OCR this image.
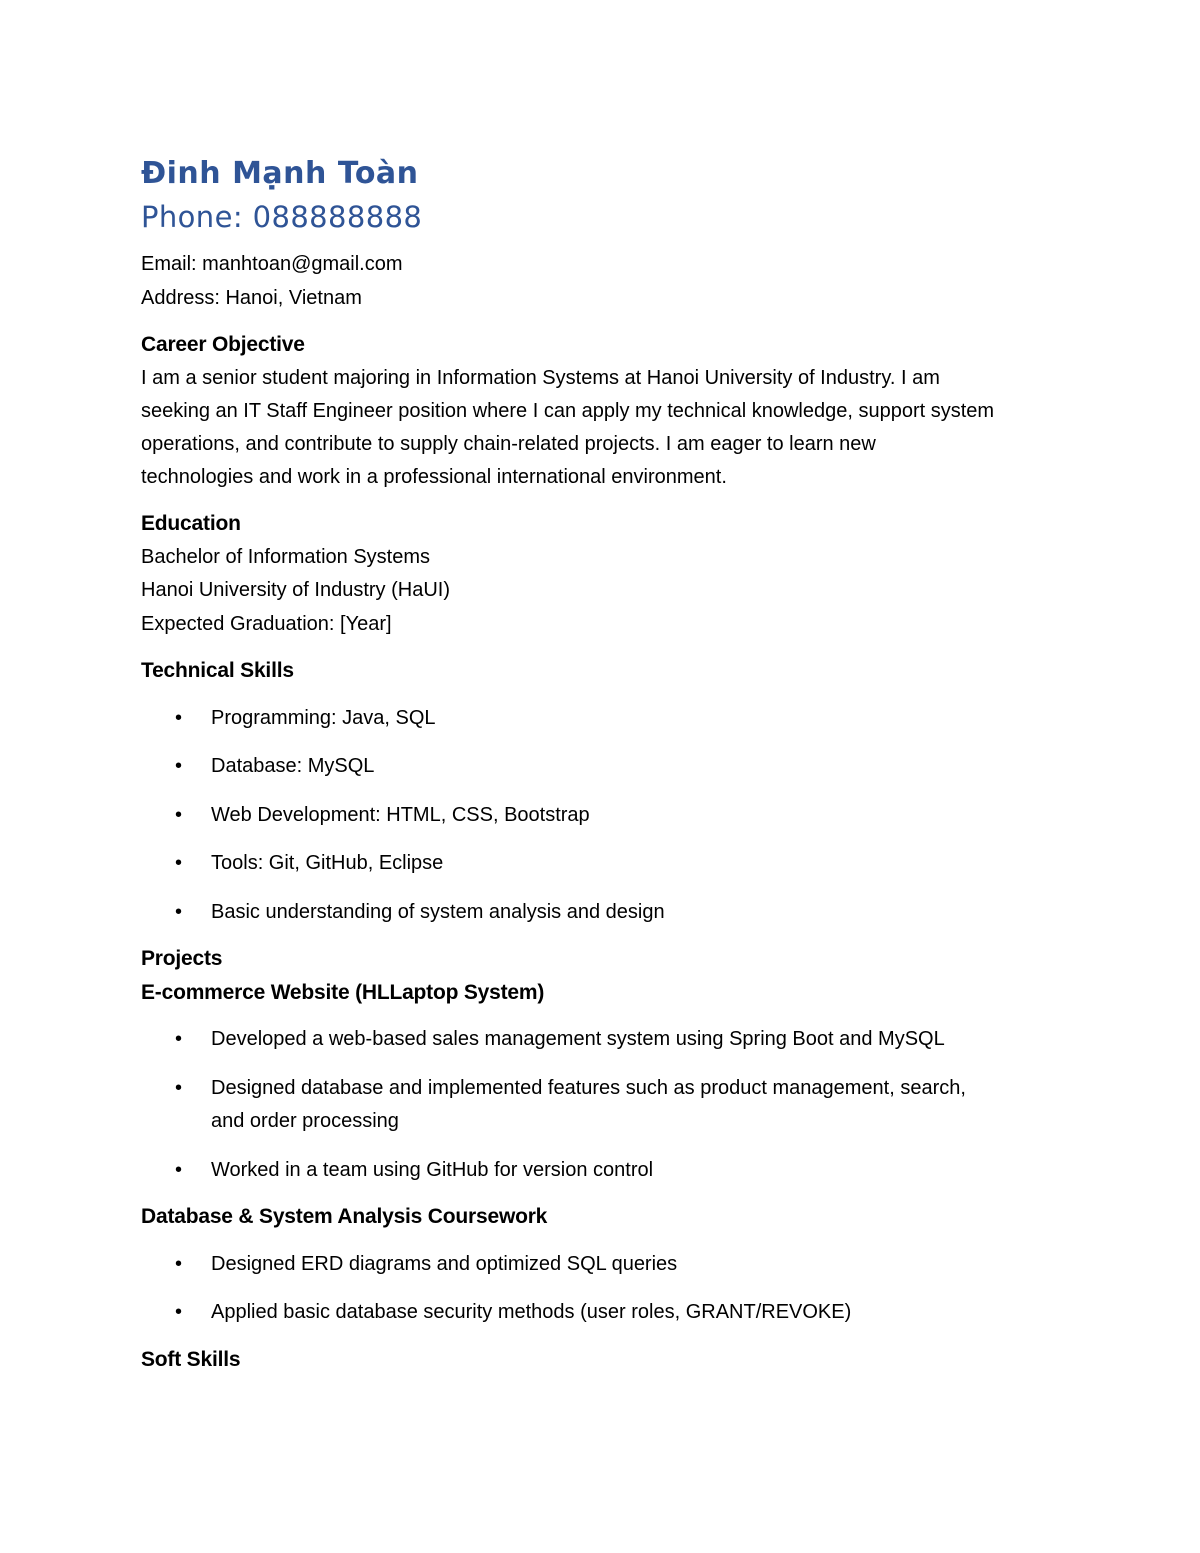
Đinh Mạnh Toàn
Phone: 088888888
Email: manhtoan@gmail.com
Address: Hanoi, Vietnam
Career Objective
I am a senior student majoring in Information Systems at Hanoi University of Industry. I am
seeking an IT Staff Engineer position where I can apply my technical knowledge, support system
operations, and contribute to supply chain-related projects. I am eager to learn new
technologies and work in a professional international environment.
Education
Bachelor of Information Systems
Hanoi University of Industry (HaUI)
Expected Graduation: [Year]
Technical Skills
• Programming: Java, SQL
• Database: MySQL
• Web Development: HTML, CSS, Bootstrap
• Tools: Git, GitHub, Eclipse
• Basic understanding of system analysis and design
Projects
E-commerce Website (HLLaptop System)
• Developed a web-based sales management system using Spring Boot and MySQL
• Designed database and implemented features such as product management, search,
and order processing
• Worked in a team using GitHub for version control
Database & System Analysis Coursework
• Designed ERD diagrams and optimized SQL queries
• Applied basic database security methods (user roles, GRANT/REVOKE)
Soft Skills
